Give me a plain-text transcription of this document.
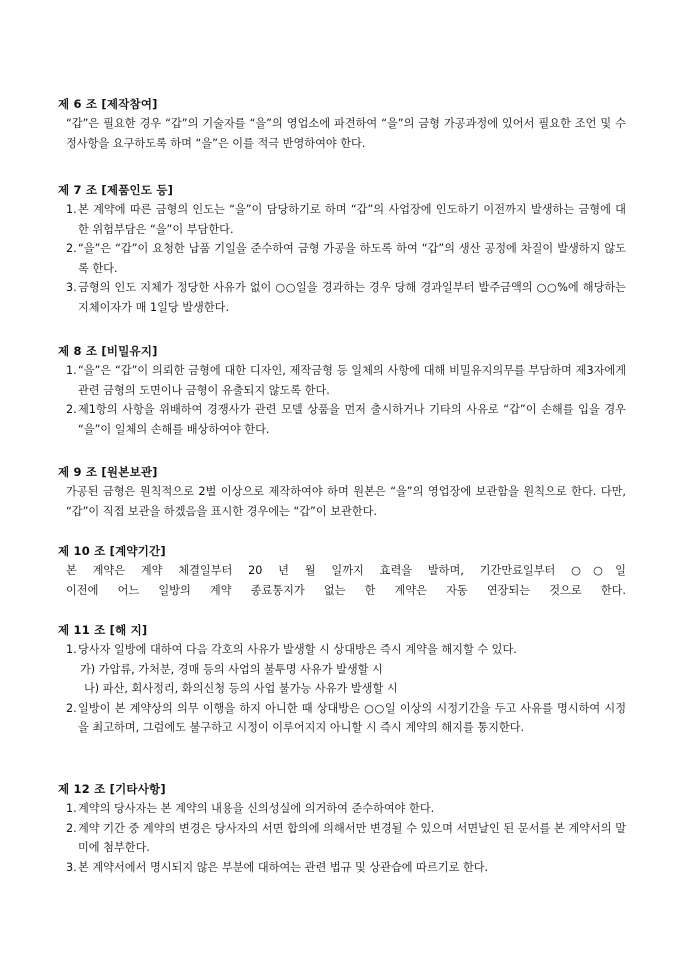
제 6 조 [제작참여]
“갑”은 필요한 경우 “갑”의 기술자를 “을”의 영업소에 파견하여 “을”의 금형 가공과정에 있어서 필요한 조언 및 수정사항을 요구하도록 하며 “을”은 이를 적극 반영하여야 한다.
제 7 조 [제품인도 등]
1. 본 계약에 따른 금형의 인도는 “을”이 담당하기로 하며 “갑”의 사업장에 인도하기 이전까지 발생하는 금형에 대한 위험부담은 “을”이 부담한다.
2. “을”은 “갑”이 요청한 납품 기일을 준수하여 금형 가공을 하도록 하여 “갑”의 생산 공정에 차질이 발생하지 않도록 한다.
3. 금형의 인도 지체가 정당한 사유가 없이 ○○일을 경과하는 경우 당해 경과일부터 발주금액의 ○○%에 해당하는 지체이자가 매 1일당 발생한다.
제 8 조 [비밀유지]
1. “을”은 “갑”이 의뢰한 금형에 대한 디자인, 제작금형 등 일체의 사항에 대해 비밀유지의무를 부담하며 제3자에게 관련 금형의 도면이나 금형이 유출되지 않도록 한다.
2. 제1항의 사항을 위배하여 경쟁사가 관련 모델 상품을 먼저 출시하거나 기타의 사유로 “갑”이 손해를 입을 경우 “을”이 일체의 손해를 배상하여야 한다.
제 9 조 [원본보관]
가공된 금형은 원칙적으로 2벌 이상으로 제작하여야 하며 원본은 “을”의 영업장에 보관함을 원칙으로 한다. 다만, “갑”이 직접 보관을 하겠음을 표시한 경우에는 “갑”이 보관한다.
제 10 조 [계약기간]
본 계약은 계약 체결일부터 20 년 월 일까지 효력을 발하며, 기간만료일부터 ○○일
이전에 어느 일방의 계약 종료통지가 없는 한 계약은 자동 연장되는 것으로 한다.
제 11 조 [해 지]
1. 당사자 일방에 대하여 다음 각호의 사유가 발생할 시 상대방은 즉시 계약을 해지할 수 있다.
가) 가압류, 가처분, 경매 등의 사업의 불투명 사유가 발생할 시
나) 파산, 회사정리, 화의신청 등의 사업 불가능 사유가 발생할 시
2. 일방이 본 계약상의 의무 이행을 하지 아니한 때 상대방은 ○○일 이상의 시정기간을 두고 사유를 명시하여 시정을 최고하며, 그럼에도 불구하고 시정이 이루어지지 아니할 시 즉시 계약의 해지를 통지한다.
제 12 조 [기타사항]
1. 계약의 당사자는 본 계약의 내용을 신의성실에 의거하여 준수하여야 한다.
2. 계약 기간 중 계약의 변경은 당사자의 서면 합의에 의해서만 변경될 수 있으며 서면날인 된 문서를 본 계약서의 말미에 첨부한다.
3. 본 계약서에서 명시되지 않은 부분에 대하여는 관련 법규 및 상관습에 따르기로 한다.
